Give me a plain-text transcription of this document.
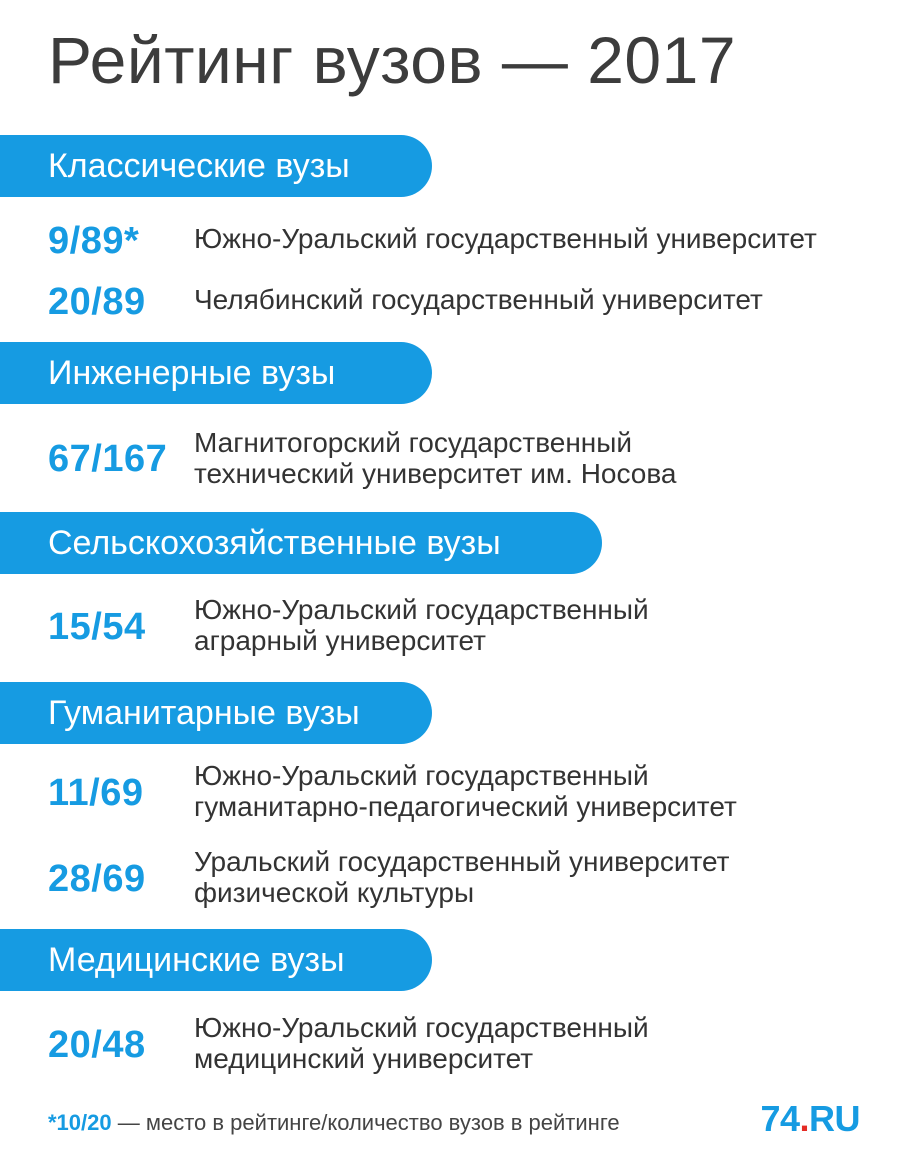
Рейтинг вузов — 2017
Классические вузы
9/89* Южно-Уральский государственный университет
20/89 Челябинский государственный университет
Инженерные вузы
67/167 Магнитогорский государственный
технический университет им. Носова
Сельскохозяйственные вузы
15/54 Южно-Уральский государственный
аграрный университет
Гуманитарные вузы
11/69 Южно-Уральский государственный
гуманитарно-педагогический университет
28/69 Уральский государственный университет
физической культуры
Медицинские вузы
20/48 Южно-Уральский государственный
медицинский университет
*10/20 — место в рейтинге/количество вузов в рейтинге	74.RU
